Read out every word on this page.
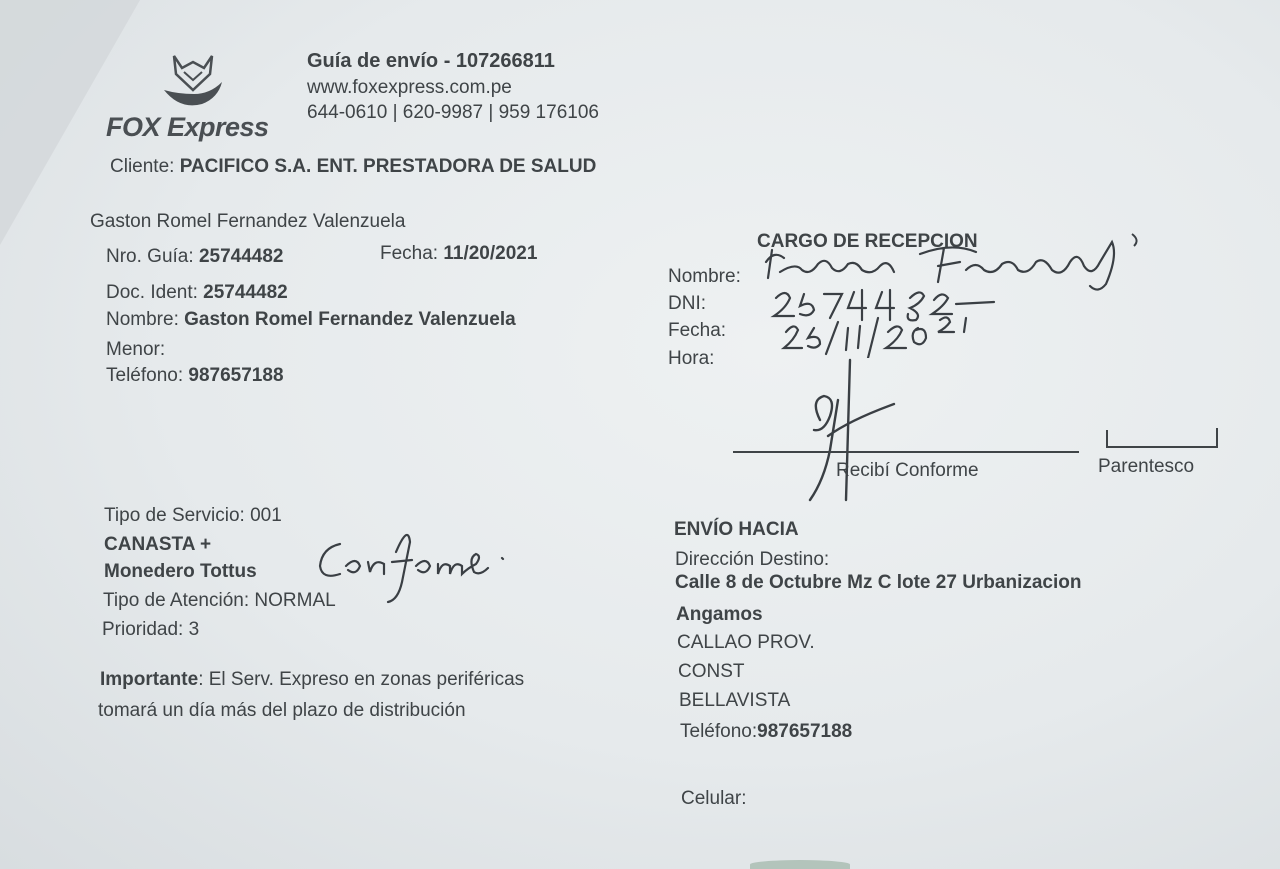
FOX Express
Guía de envío - 107266811
www.foxexpress.com.pe
644-0610 | 620-9987 | 959 176106
Cliente: PACIFICO S.A. ENT. PRESTADORA DE SALUD
Gaston Romel Fernandez Valenzuela
Nro. Guía: 25744482	Fecha: 11/20/2021
Doc. Ident: 25744482
Nombre: Gaston Romel Fernandez Valenzuela
Menor:
Teléfono: 987657188
CARGO DE RECEPCION
Nombre:
DNI:
Fecha:
Hora:
Recibí Conforme	Parentesco
Tipo de Servicio: 001
CANASTA +
Monedero Tottus
Tipo de Atención: NORMAL
Prioridad: 3
Importante: El Serv. Expreso en zonas periféricas
tomará un día más del plazo de distribución
ENVÍO HACIA
Dirección Destino:
Calle 8 de Octubre Mz C lote 27 Urbanizacion
Angamos
CALLAO PROV.
CONST
BELLAVISTA
Teléfono:987657188
Celular:
